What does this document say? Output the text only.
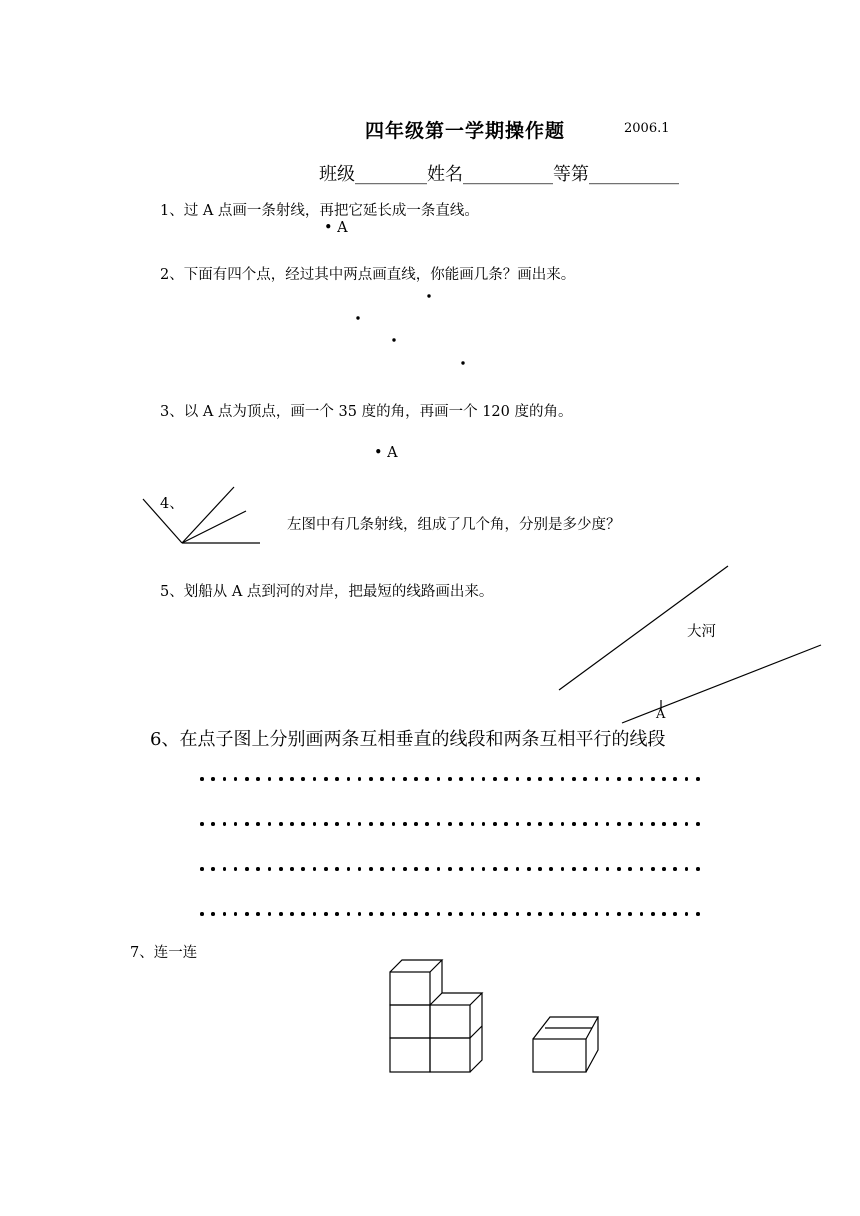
四年级第一学期操作题	2006.1
班级________姓名__________等第__________
1、过 A 点画一条射线，再把它延长成一条直线。
• A
2、下面有四个点，经过其中两点画直线，你能画几条？画出来。
3、以 A 点为顶点，画一个 35 度的角，再画一个 120 度的角。
• A
4、
左图中有几条射线，组成了几个角，分别是多少度？
5、划船从 A 点到河的对岸，把最短的线路画出来。
大河
A
6、在点子图上分别画两条互相垂直的线段和两条互相平行的线段
7、连一连
